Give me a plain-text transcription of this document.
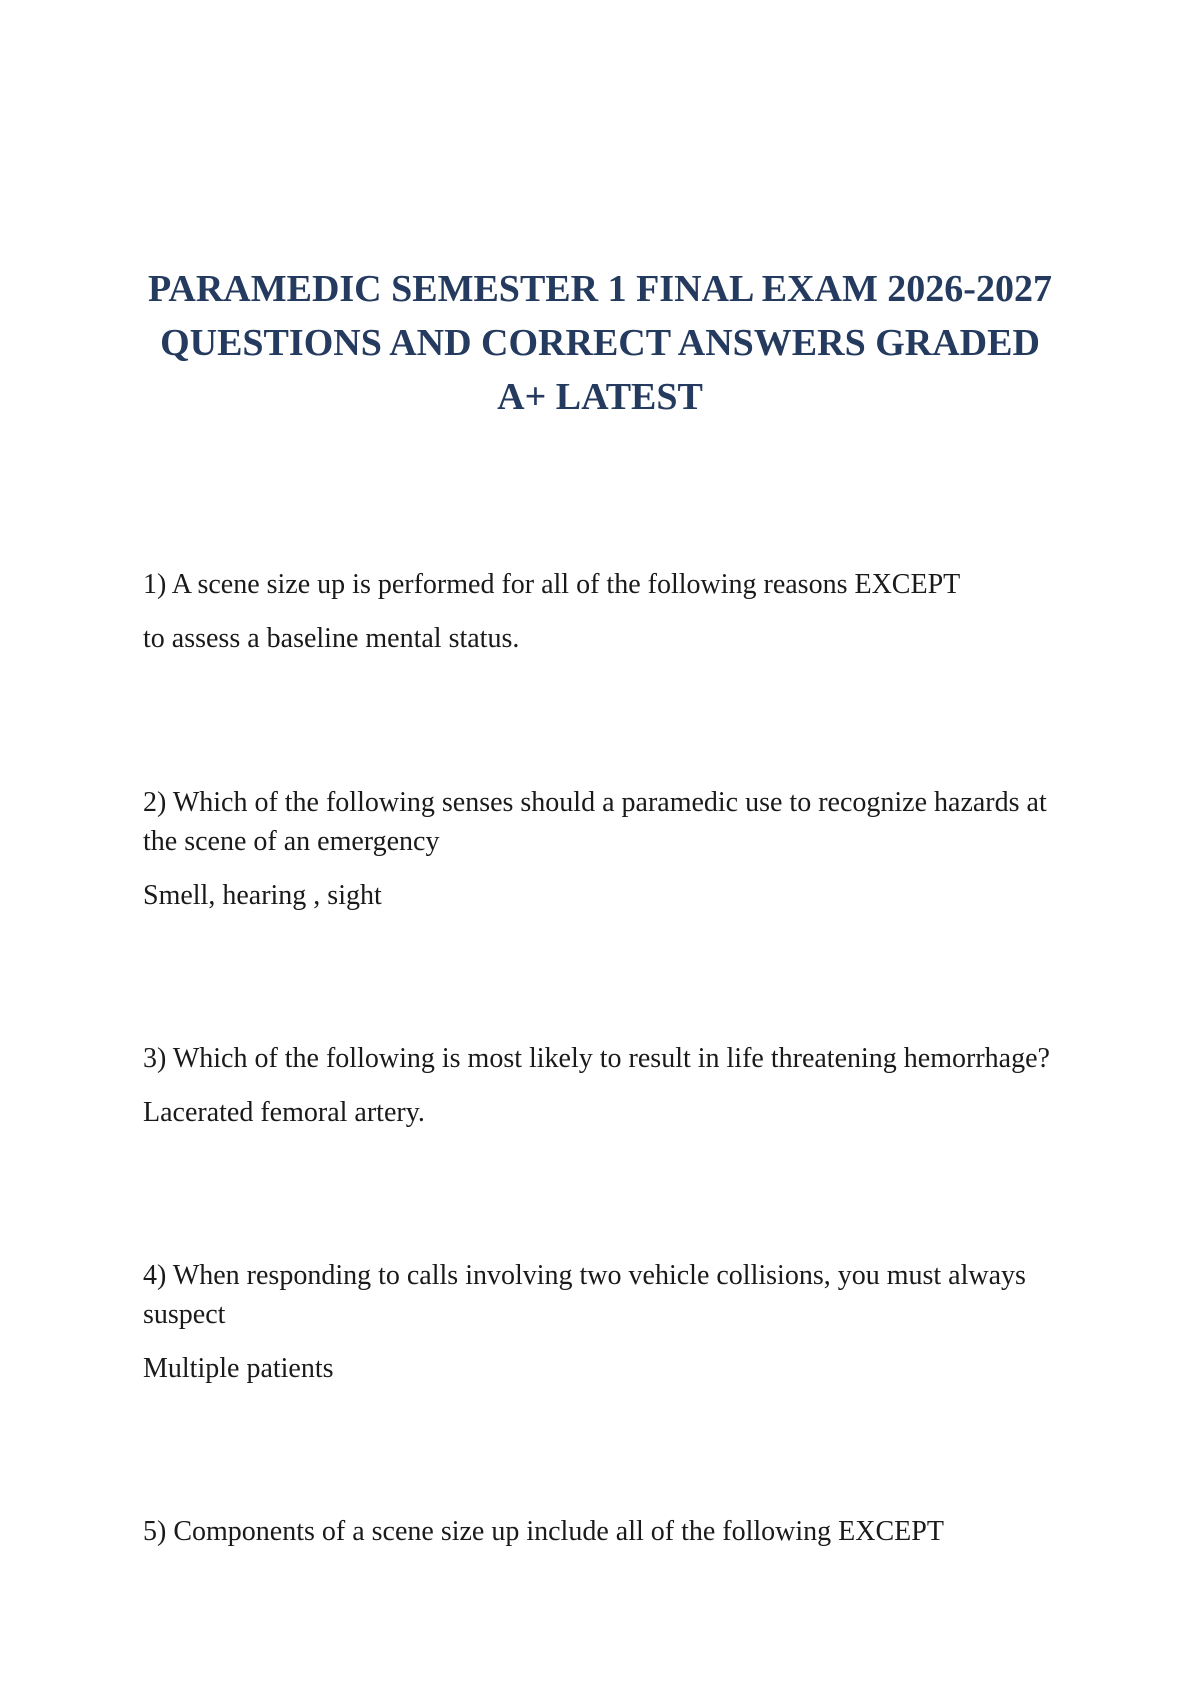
PARAMEDIC SEMESTER 1 FINAL EXAM 2026-2027 QUESTIONS AND CORRECT ANSWERS GRADED A+ LATEST

1) A scene size up is performed for all of the following reasons EXCEPT

to assess a baseline mental status.

2) Which of the following senses should a paramedic use to recognize hazards at the scene of an emergency

Smell, hearing , sight

3) Which of the following is most likely to result in life threatening hemorrhage?

Lacerated femoral artery.

4) When responding to calls involving two vehicle collisions, you must always suspect

Multiple patients

5) Components of a scene size up include all of the following EXCEPT
